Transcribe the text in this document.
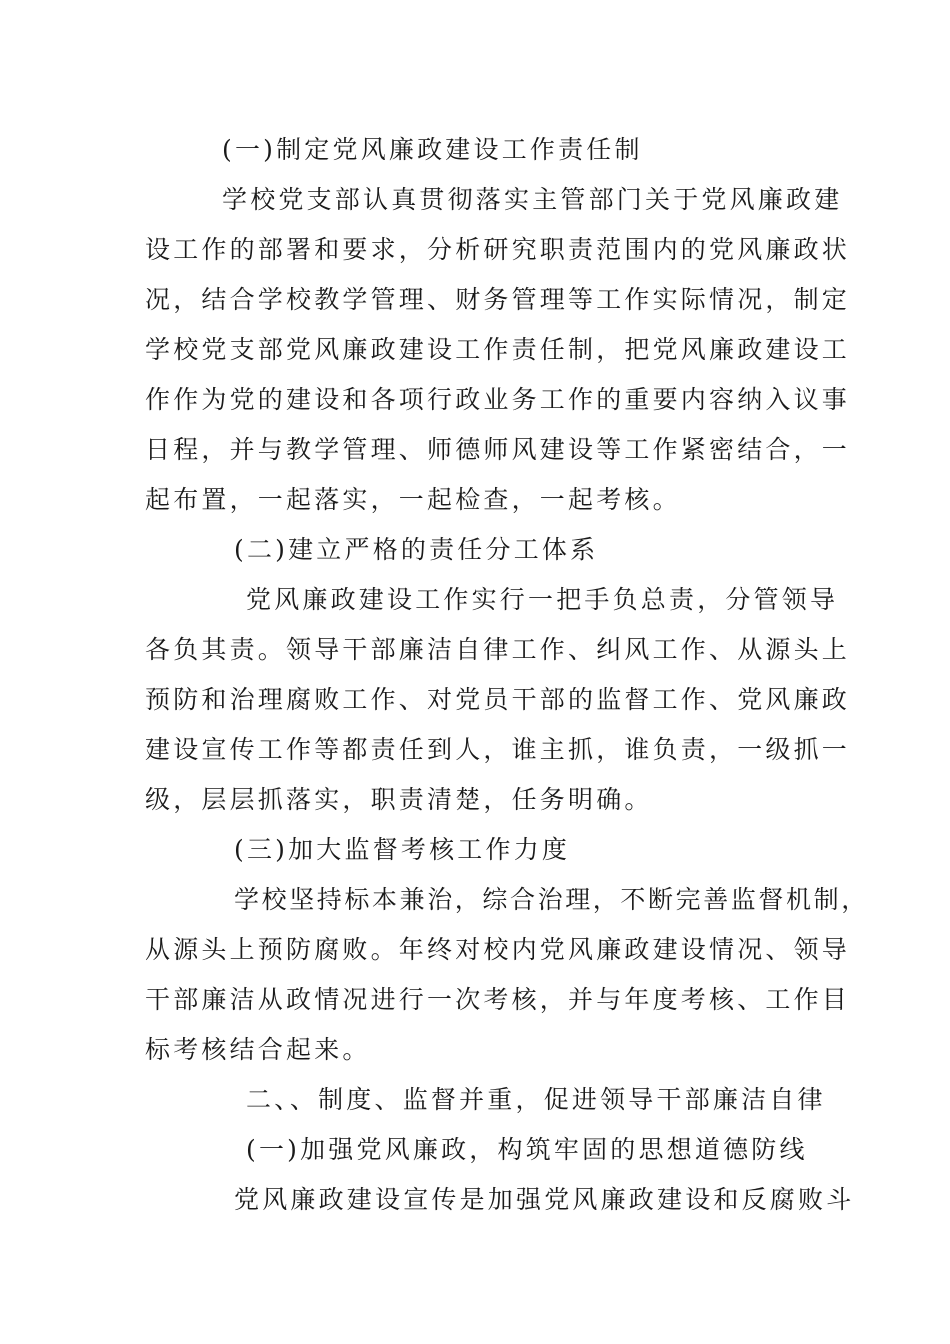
(一)制定党风廉政建设工作责任制
学校党支部认真贯彻落实主管部门关于党风廉政建
设工作的部署和要求，分析研究职责范围内的党风廉政状
况，结合学校教学管理、财务管理等工作实际情况，制定
学校党支部党风廉政建设工作责任制，把党风廉政建设工
作作为党的建设和各项行政业务工作的重要内容纳入议事
日程，并与教学管理、师德师风建设等工作紧密结合，一
起布置，一起落实，一起检查，一起考核。
(二)建立严格的责任分工体系
党风廉政建设工作实行一把手负总责，分管领导
各负其责。领导干部廉洁自律工作、纠风工作、从源头上
预防和治理腐败工作、对党员干部的监督工作、党风廉政
建设宣传工作等都责任到人，谁主抓，谁负责，一级抓一
级，层层抓落实，职责清楚，任务明确。
(三)加大监督考核工作力度
学校坚持标本兼治，综合治理，不断完善监督机制，
从源头上预防腐败。年终对校内党风廉政建设情况、领导
干部廉洁从政情况进行一次考核，并与年度考核、工作目
标考核结合起来。
二、、制度、监督并重，促进领导干部廉洁自律
(一)加强党风廉政，构筑牢固的思想道德防线
党风廉政建设宣传是加强党风廉政建设和反腐败斗
